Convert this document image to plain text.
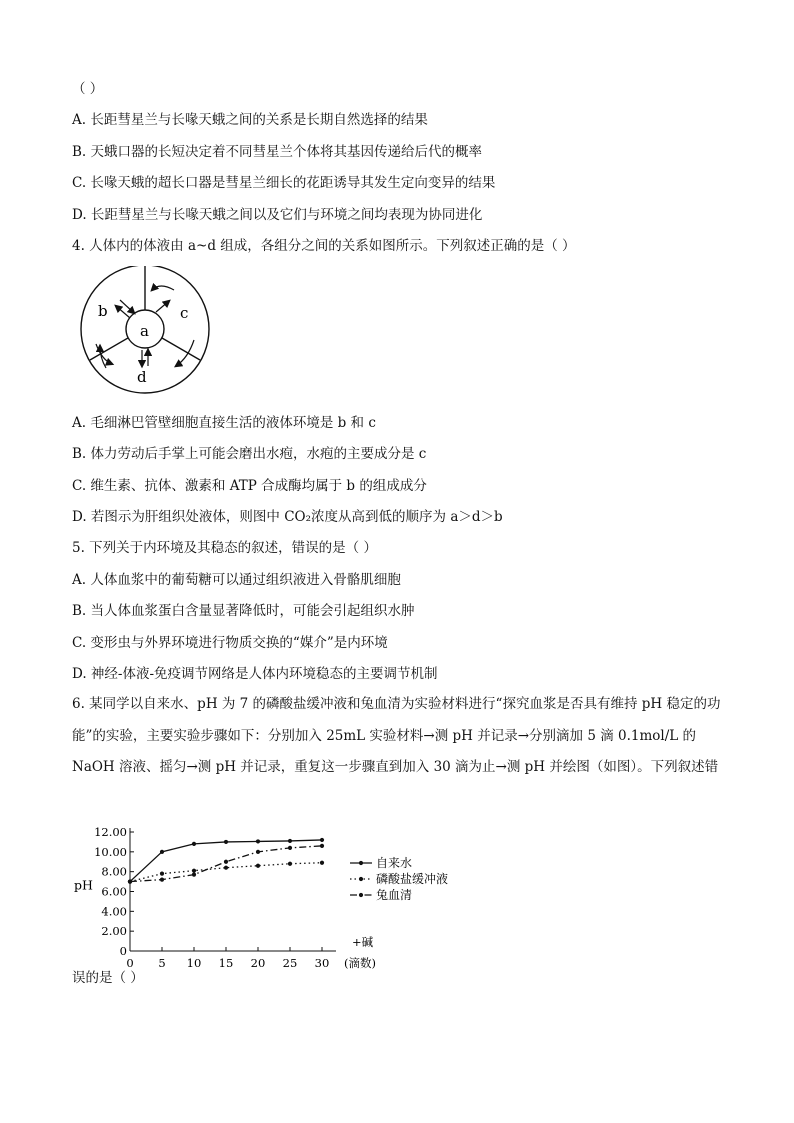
（ ）
A. 长距彗星兰与长喙天蛾之间的关系是长期自然选择的结果
B. 天蛾口器的长短决定着不同彗星兰个体将其基因传递给后代的概率
C. 长喙天蛾的超长口器是彗星兰细长的花距诱导其发生定向变异的结果
D. 长距彗星兰与长喙天蛾之间以及它们与环境之间均表现为协同进化
4. 人体内的体液由 a~d 组成，各组分之间的关系如图所示。下列叙述正确的是（ ）
a
b	c
d
A. 毛细淋巴管壁细胞直接生活的液体环境是 b 和 c
B. 体力劳动后手掌上可能会磨出水疱，水疱的主要成分是 c
C. 维生素、抗体、激素和 ATP 合成酶均属于 b 的组成成分
D. 若图示为肝组织处液体，则图中 CO₂浓度从高到低的顺序为 a＞d＞b
5. 下列关于内环境及其稳态的叙述，错误的是（ ）
A. 人体血浆中的葡萄糖可以通过组织液进入骨骼肌细胞
B. 当人体血浆蛋白含量显著降低时，可能会引起组织水肿
C. 变形虫与外界环境进行物质交换的“媒介”是内环境
D. 神经-体液-免疫调节网络是人体内环境稳态的主要调节机制
6. 某同学以自来水、pH 为 7 的磷酸盐缓冲液和兔血清为实验材料进行“探究血浆是否具有维持 pH 稳定的功能”的实验，主要实验步骤如下：分别加入 25mL 实验材料→测 pH 并记录→分别滴加 5 滴 0.1mol/L 的 NaOH 溶液、摇匀→测 pH 并记录，重复这一步骤直到加入 30 滴为止→测 pH 并绘图（如图）。下列叙述错
0
2.00
4.00
6.00
8.00
10.00
12.00
0 5 10 15 20 25 30
pH
+碱
(滴数)
自来水
磷酸盐缓冲液
兔血清
误的是（ ）
